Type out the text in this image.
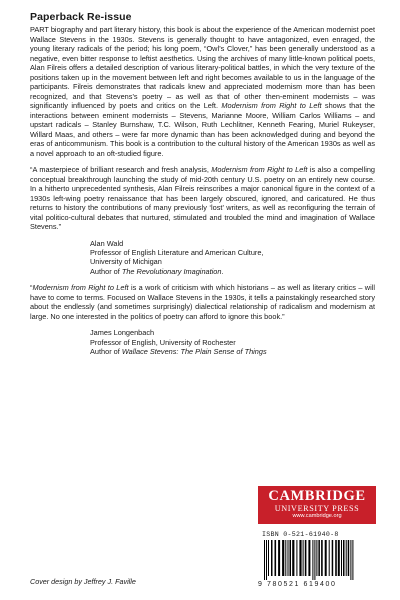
Paperback Re-issue

PART biography and part literary history, this book is about the experience of the American modernist poet Wallace Stevens in the 1930s. Stevens is generally thought to have antagonized, even enraged, the young literary radicals of the period; his long poem, “Owl’s Clover,” has been generally understood as a negative, even bitter response to leftist aesthetics. Using the archives of many little-known political poets, Alan Filreis offers a detailed description of various literary-political battles, in which the very texture of the positions taken up in the movement between left and right becomes available to us in the language of the participants. Filreis demonstrates that radicals knew and appreciated modernism more than has been recognized, and that Stevens’s poetry – as well as that of other then-eminent modernists – was significantly influenced by poets and critics on the Left. Modernism from Right to Left shows that the interactions between eminent modernists – Stevens, Marianne Moore, William Carlos Williams – and upstart radicals – Stanley Burnshaw, T.C. Wilson, Ruth Lechlitner, Kenneth Fearing, Muriel Rukeyser, Willard Maas, and others – were far more dynamic than has been acknowledged during and beyond the eras of anticommunism. This book is a contribution to the cultural history of the American 1930s as well as a novel approach to an oft-studied figure.

“A masterpiece of brilliant research and fresh analysis, Modernism from Right to Left is also a compelling conceptual breakthrough launching the study of mid-20th century U.S. poetry on an entirely new course. In a hitherto unprecedented synthesis, Alan Filreis reinscribes a major canonical figure in the context of a 1930s left-wing poetry renaissance that has been largely obscured, ignored, and caricatured. He thus returns to history the contributions of many previously ‘lost’ writers, as well as reconfiguring the terrain of vital politico-cultural debates that nurtured, stimulated and troubled the mind and imagination of Wallace Stevens.”

Alan Wald
Professor of English Literature and American Culture,
University of Michigan
Author of The Revolutionary Imagination.

“Modernism from Right to Left is a work of criticism with which historians – as well as literary critics – will have to come to terms. Focused on Wallace Stevens in the 1930s, it tells a painstakingly researched story about the endlessly (and sometimes surprisingly) dialectical relationship of radicalism and modernism at large. No one interested in the politics of poetry can afford to ignore this book.”

James Longenbach
Professor of English, University of Rochester
Author of Wallace Stevens: The Plain Sense of Things
CAMBRIDGE
UNIVERSITY PRESS
www.cambridge.org
ISBN 0-521-61940-8
9 780521 619400
Cover design by Jeffrey J. Faville
